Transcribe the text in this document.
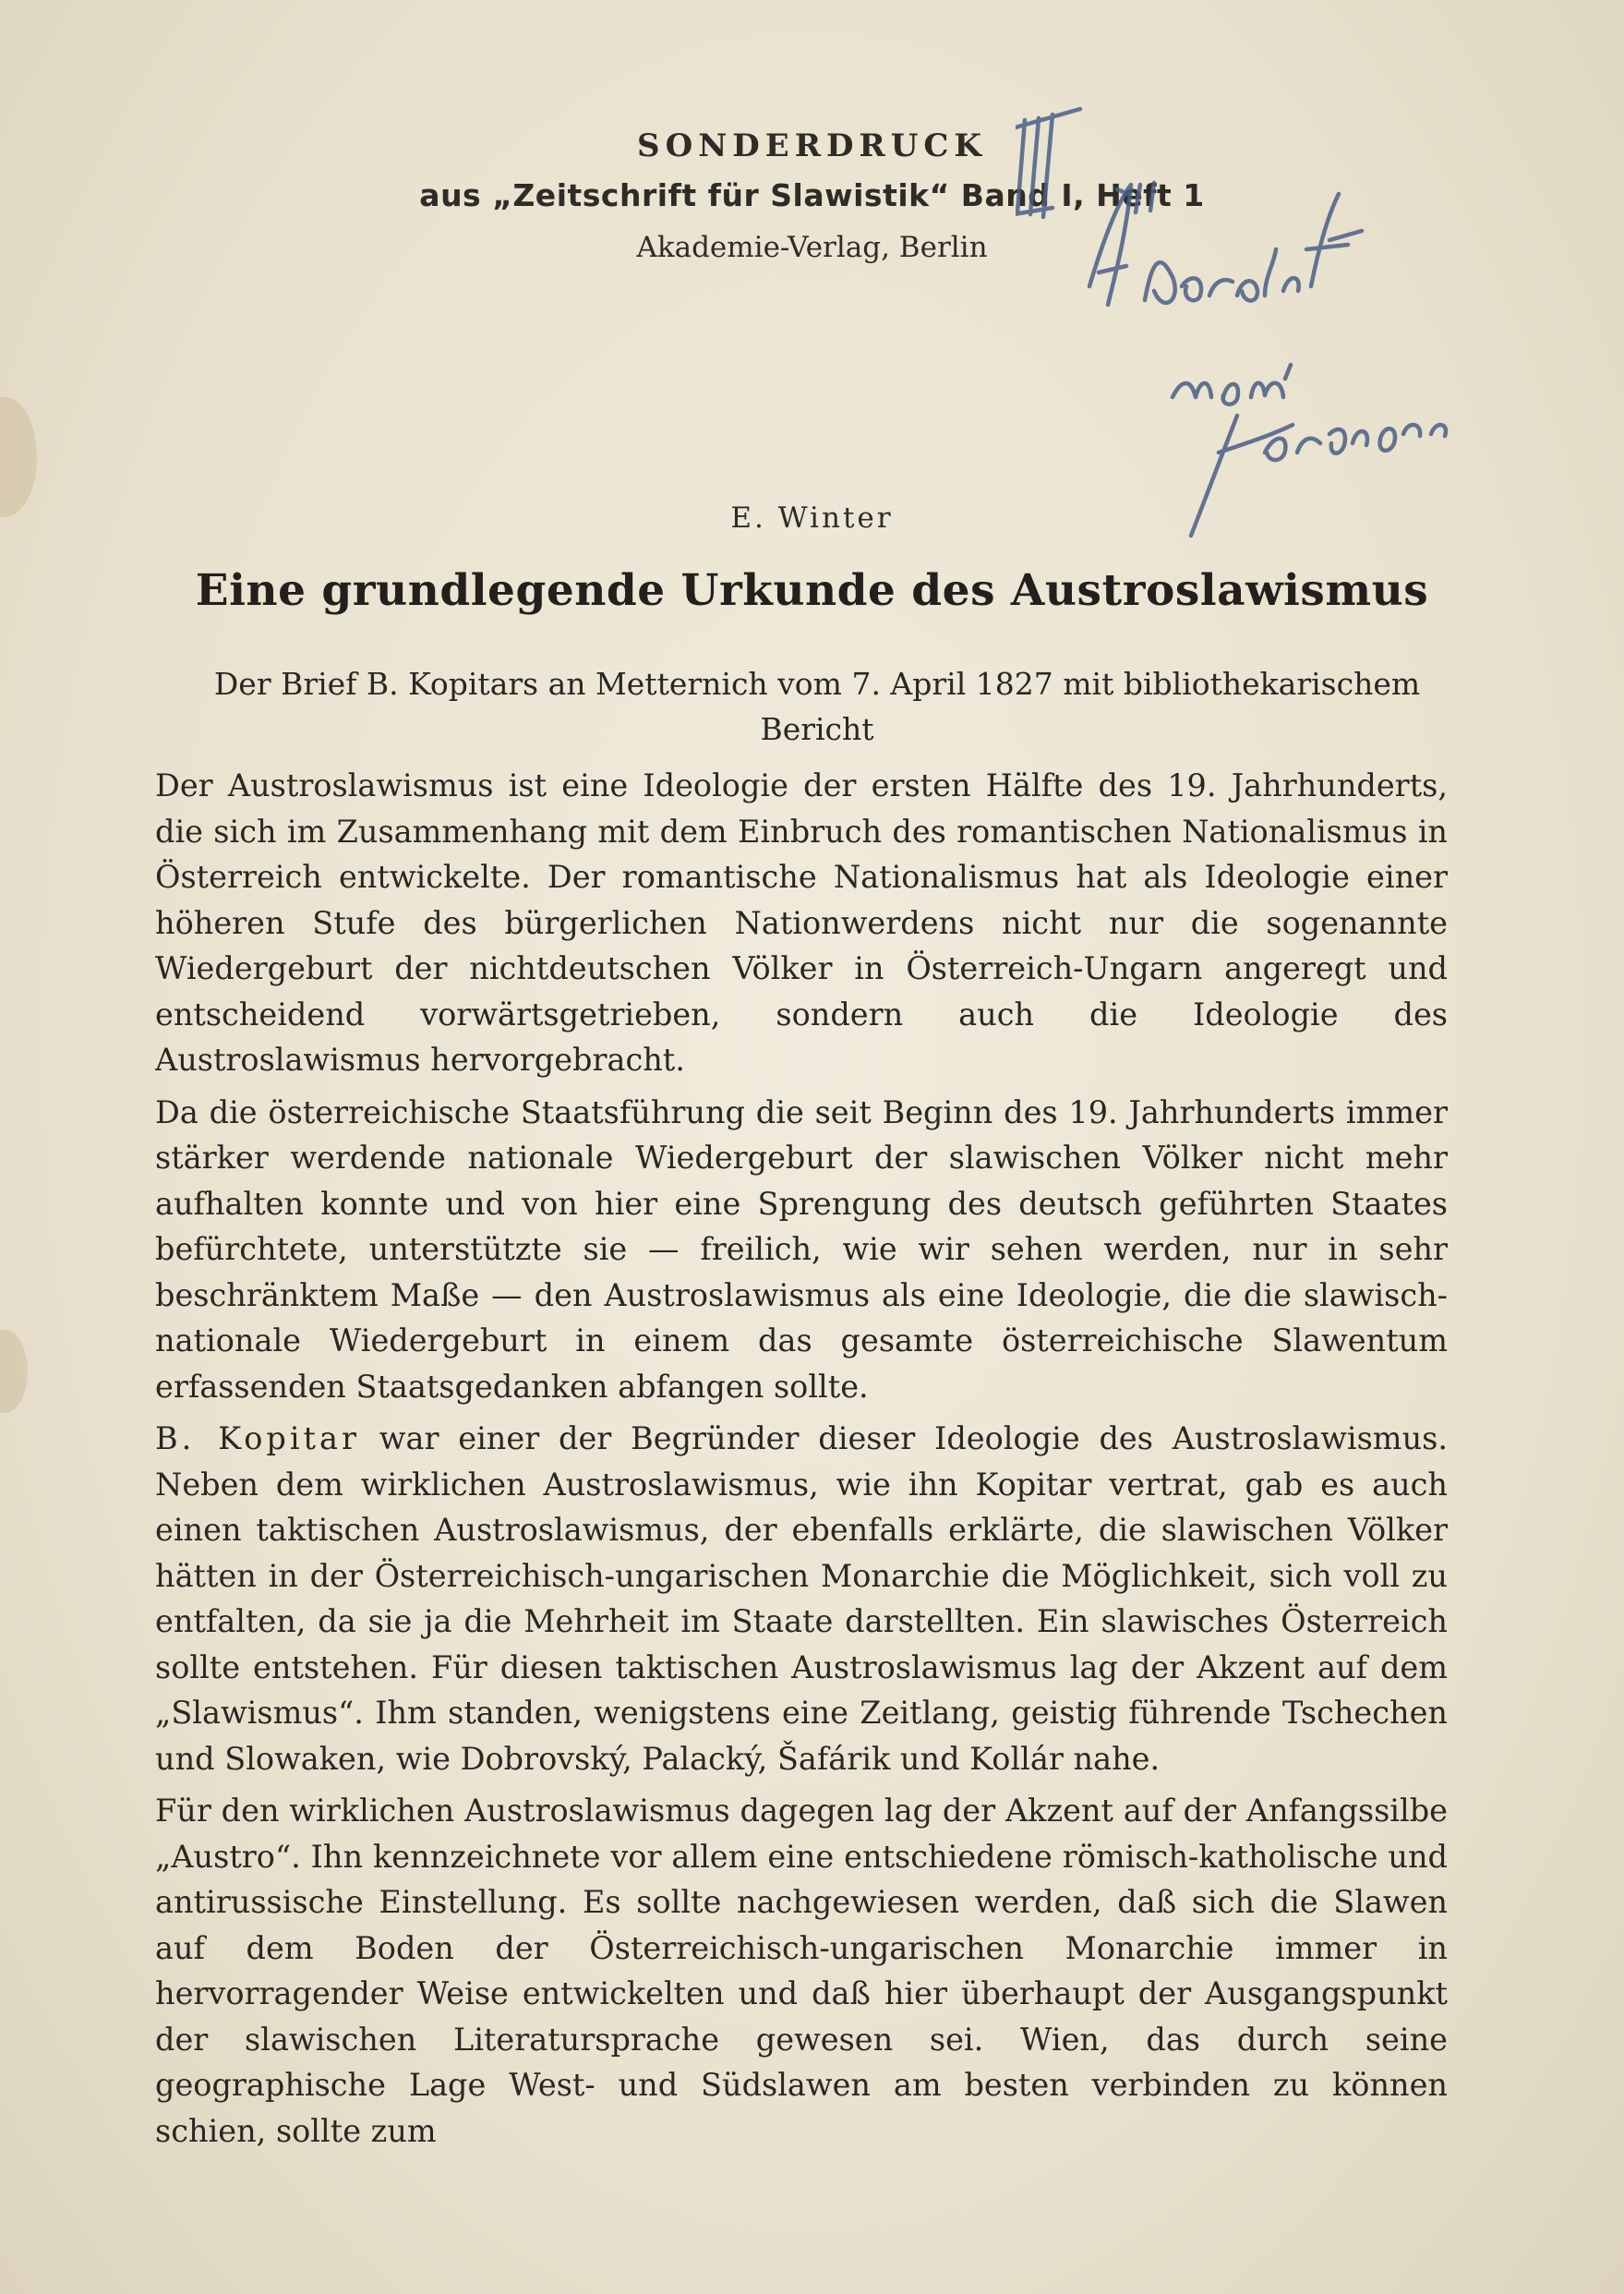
SONDERDRUCK
aus „Zeitschrift für Slawistik“ Band I, Heft 1
Akademie-Verlag, Berlin
E. Winter
Eine grundlegende Urkunde des Austroslawismus
Der Brief B. Kopitars an Metternich vom 7. April 1827 mit bibliothekarischem Bericht

Der Austroslawismus ist eine Ideologie der ersten Hälfte des 19. Jahrhunderts, die sich im Zusammenhang mit dem Einbruch des romantischen Nationalismus in Österreich entwickelte. Der romantische Nationalismus hat als Ideologie einer höheren Stufe des bürgerlichen Nationwerdens nicht nur die sogenannte Wiedergeburt der nichtdeutschen Völker in Österreich-Ungarn angeregt und entscheidend vorwärtsgetrieben, sondern auch die Ideologie des Austroslawismus hervorgebracht.

Da die österreichische Staatsführung die seit Beginn des 19. Jahrhunderts immer stärker werdende nationale Wiedergeburt der slawischen Völker nicht mehr aufhalten konnte und von hier eine Sprengung des deutsch geführten Staates befürchtete, unterstützte sie — freilich, wie wir sehen werden, nur in sehr beschränktem Maße — den Austroslawismus als eine Ideologie, die die slawisch-nationale Wiedergeburt in einem das gesamte österreichische Slawentum erfassenden Staatsgedanken abfangen sollte.

B. Kopitar war einer der Begründer dieser Ideologie des Austroslawismus. Neben dem wirklichen Austroslawismus, wie ihn Kopitar vertrat, gab es auch einen taktischen Austroslawismus, der ebenfalls erklärte, die slawischen Völker hätten in der Österreichisch-ungarischen Monarchie die Möglichkeit, sich voll zu entfalten, da sie ja die Mehrheit im Staate darstellten. Ein slawisches Österreich sollte entstehen. Für diesen taktischen Austroslawismus lag der Akzent auf dem „Slawismus“. Ihm standen, wenigstens eine Zeitlang, geistig führende Tschechen und Slowaken, wie Dobrovský, Palacký, Šafárik und Kollár nahe.

Für den wirklichen Austroslawismus dagegen lag der Akzent auf der Anfangssilbe „Austro“. Ihn kennzeichnete vor allem eine entschiedene römisch-katholische und antirussische Einstellung. Es sollte nachgewiesen werden, daß sich die Slawen auf dem Boden der Österreichisch-ungarischen Monarchie immer in hervorragender Weise entwickelten und daß hier überhaupt der Ausgangspunkt der slawischen Literatursprache gewesen sei. Wien, das durch seine geographische Lage West- und Südslawen am besten verbinden zu können schien, sollte zum
